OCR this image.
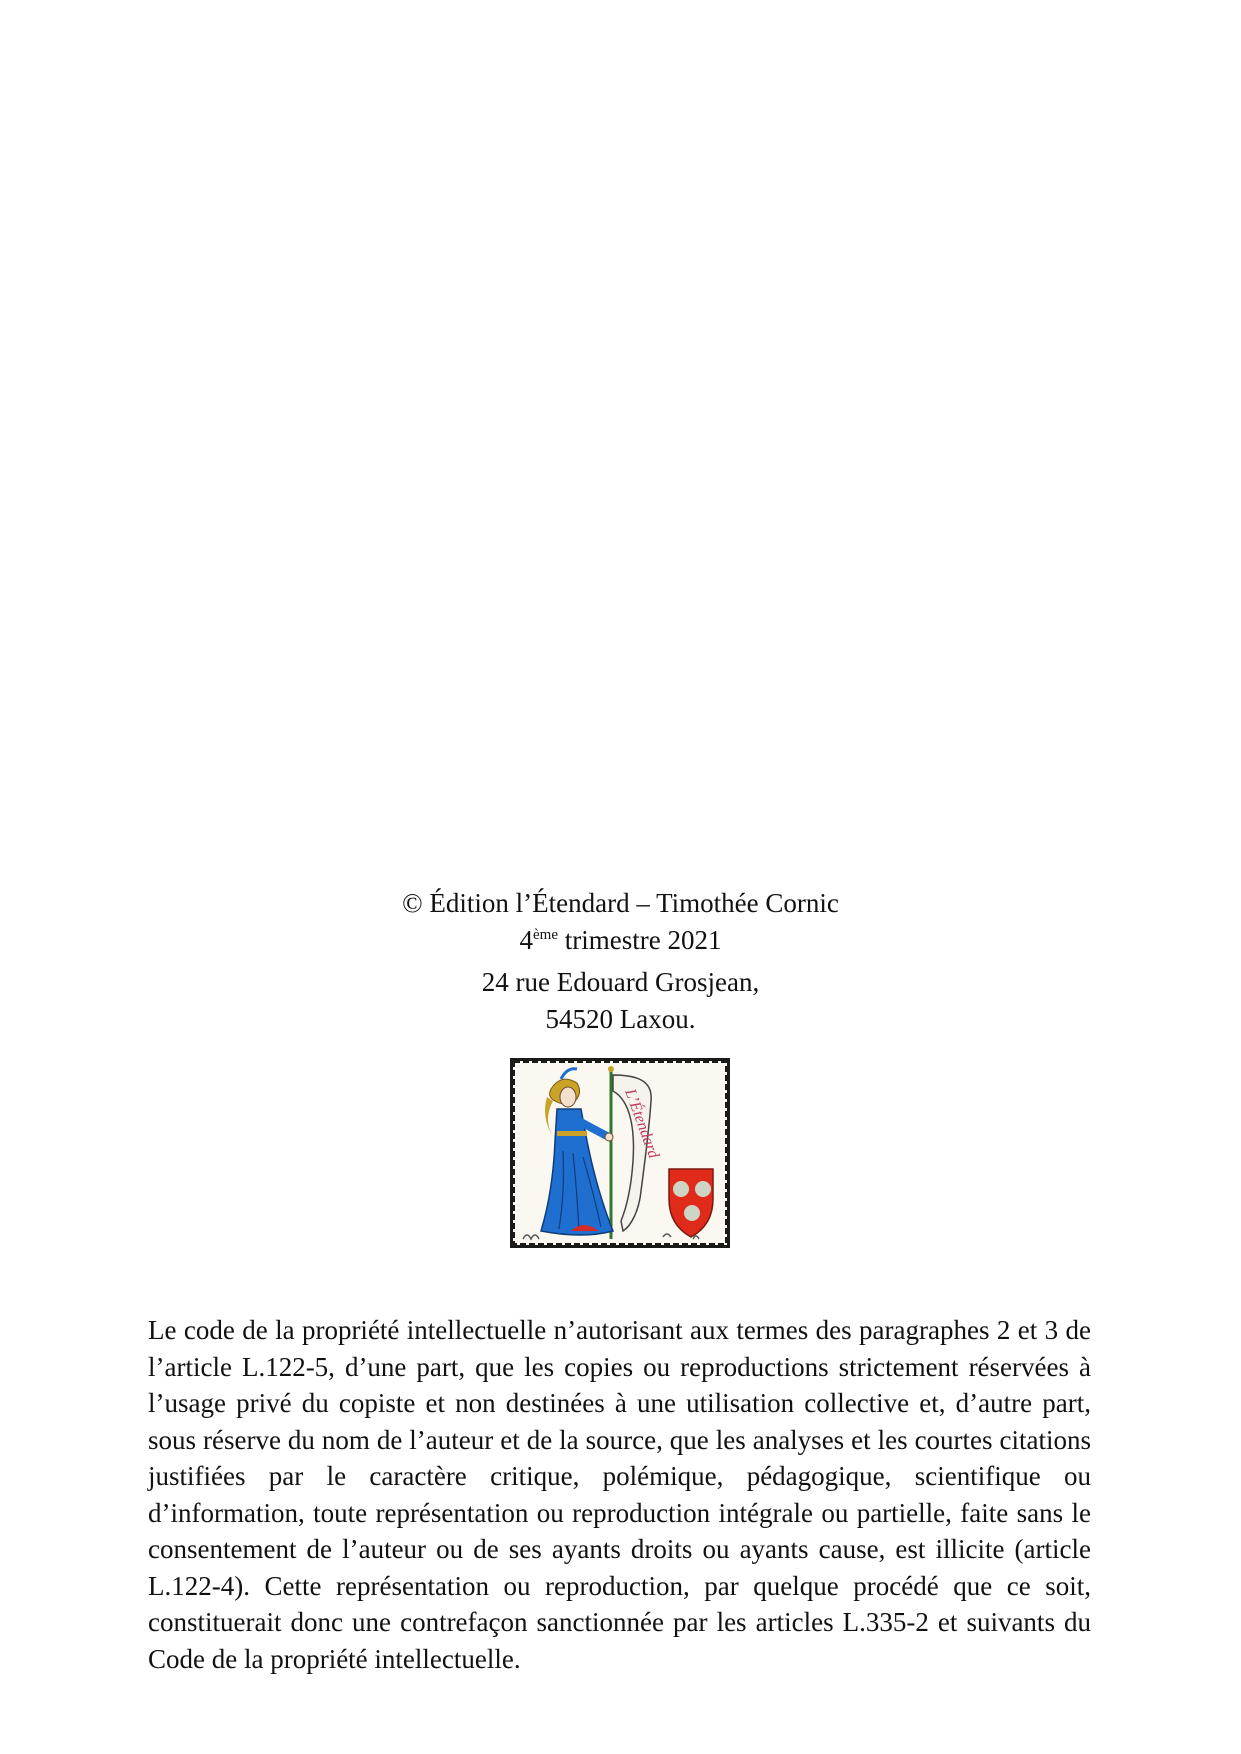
© Édition l’Étendard – Timothée Cornic
4ème trimestre 2021
24 rue Edouard Grosjean,
54520 Laxou.
L’Étendard
Le code de la propriété intellectuelle n’autorisant aux termes des paragraphes 2 et 3 de l’article L.122-5, d’une part, que les copies ou reproductions strictement réservées à l’usage privé du copiste et non destinées à une utilisation collective et, d’autre part, sous réserve du nom de l’auteur et de la source, que les analyses et les courtes citations justifiées par le caractère critique, polémique, pédagogique, scientifique ou d’information, toute représentation ou reproduction intégrale ou partielle, faite sans le consentement de l’auteur ou de ses ayants droits ou ayants cause, est illicite (article L.122-4). Cette représentation ou reproduction, par quelque procédé que ce soit, constituerait donc une contrefaçon sanctionnée par les articles L.335-2 et suivants du Code de la propriété intellectuelle.
